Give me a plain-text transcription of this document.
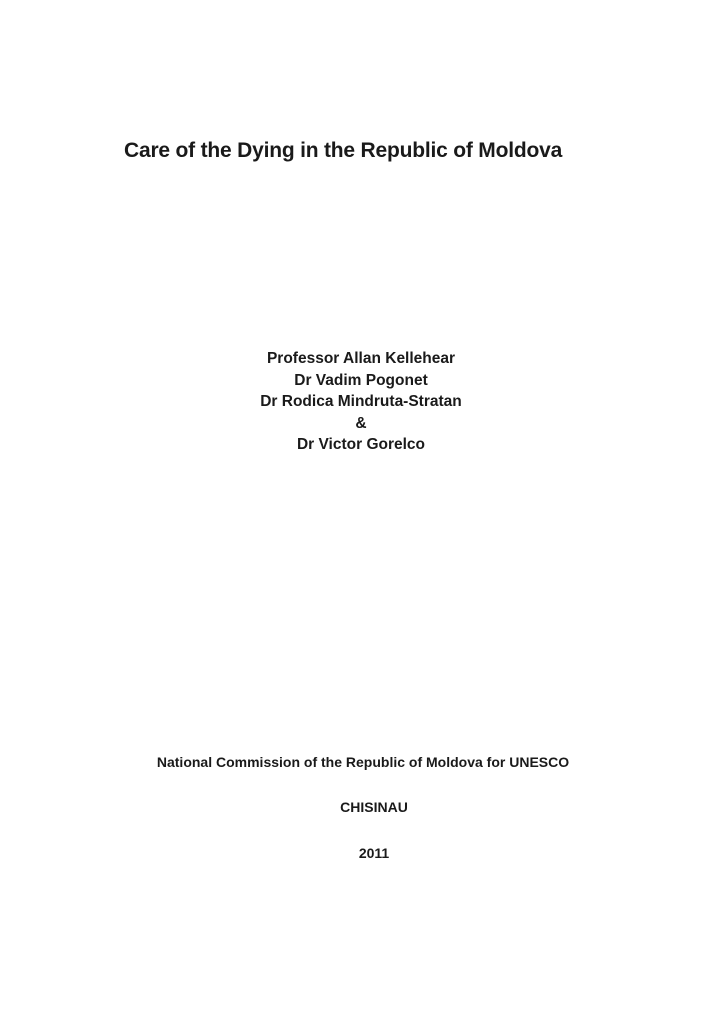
Care of the Dying in the Republic of Moldova
Professor Allan Kellehear
Dr Vadim Pogonet
Dr Rodica Mindruta-Stratan
&
Dr Victor Gorelco
National Commission of the Republic of Moldova for UNESCO
CHISINAU
2011
